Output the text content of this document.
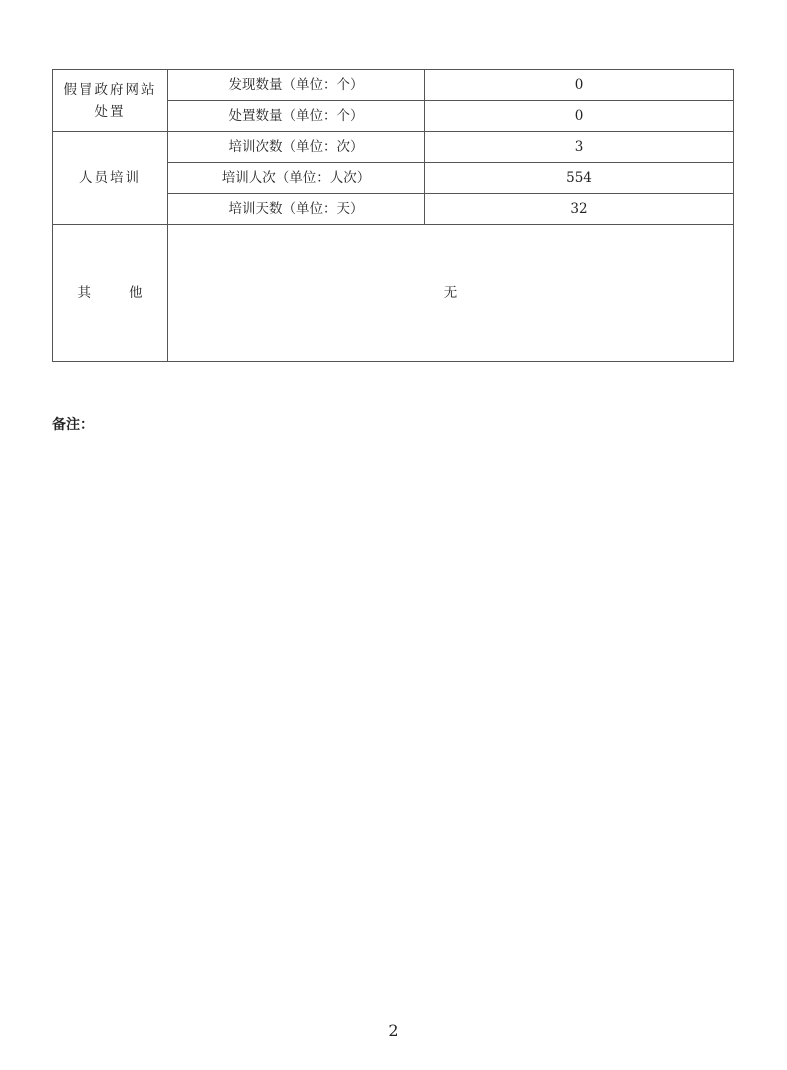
假冒政府网站处置	发现数量（单位：个）	0
	处置数量（单位：个）	0
人员培训	培训次数（单位：次）	3
	培训人次（单位：人次）	554
	培训天数（单位：天）	32
其 他	无	
备注：
2
